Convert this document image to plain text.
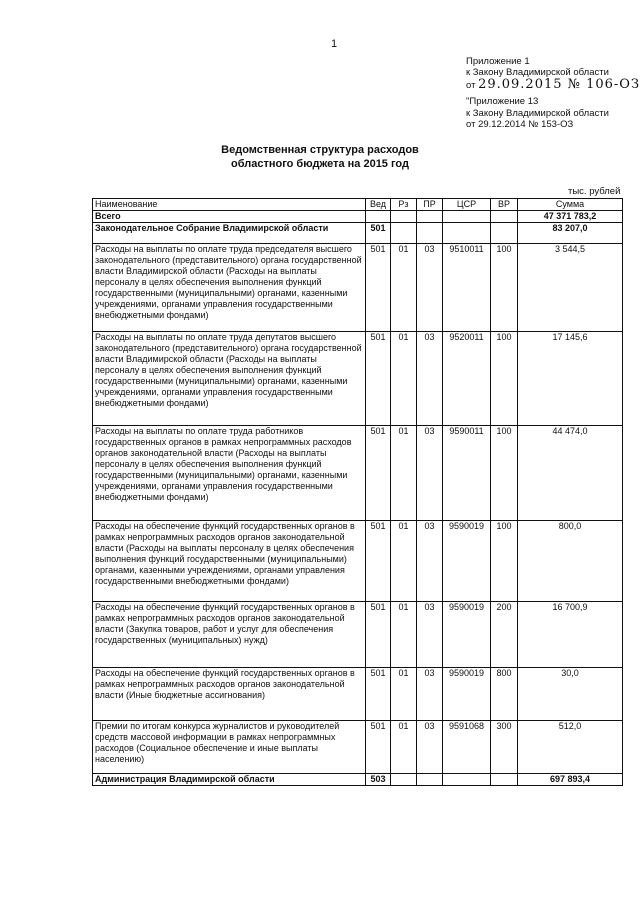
1
Приложение 1
к Закону Владимирской области
от 29.09.2015 № 106-ОЗ
"Приложение 13
к Закону Владимирской области
от 29.12.2014 № 153-ОЗ
Ведомственная структура расходов
областного бюджета на 2015 год
тыс. рублей
Наименование	Вед	Рз	ПР	ЦСР	ВР	Сумма
Всего						47 371 783,2
Законодательное Собрание Владимирской области	501					83 207,0
Расходы на выплаты по оплате труда председателя высшего законодательного (представительного) органа государственной власти Владимирской области (Расходы на выплаты персоналу в целях обеспечения выполнения функций государственными (муниципальными) органами, казенными учреждениями, органами управления государственными внебюджетными фондами)	501	01	03	9510011	100	3 544,5
Расходы на выплаты по оплате труда депутатов высшего законодательного (представительного) органа государственной власти Владимирской области (Расходы на выплаты персоналу в целях обеспечения выполнения функций государственными (муниципальными) органами, казенными учреждениями, органами управления государственными внебюджетными фондами)	501	01	03	9520011	100	17 145,6
Расходы на выплаты по оплате труда работников государственных органов в рамках непрограммных расходов органов законодательной власти (Расходы на выплаты персоналу в целях обеспечения выполнения функций государственными (муниципальными) органами, казенными учреждениями, органами управления государственными внебюджетными фондами)	501	01	03	9590011	100	44 474,0
Расходы на обеспечение функций государственных органов в рамках непрограммных расходов органов законодательной власти (Расходы на выплаты персоналу в целях обеспечения выполнения функций государственными (муниципальными) органами, казенными учреждениями, органами управления государственными внебюджетными фондами)	501	01	03	9590019	100	800,0
Расходы на обеспечение функций государственных органов в рамках непрограммных расходов органов законодательной власти (Закупка товаров, работ и услуг для обеспечения государственных (муниципальных) нужд)	501	01	03	9590019	200	16 700,9
Расходы на обеспечение функций государственных органов в рамках непрограммных расходов органов законодательной власти (Иные бюджетные ассигнования)	501	01	03	9590019	800	30,0
Премии по итогам конкурса журналистов и руководителей средств массовой информации в рамках непрограммных расходов (Социальное обеспечение и иные выплаты населению)	501	01	03	9591068	300	512,0
Администрация Владимирской области	503					697 893,4
